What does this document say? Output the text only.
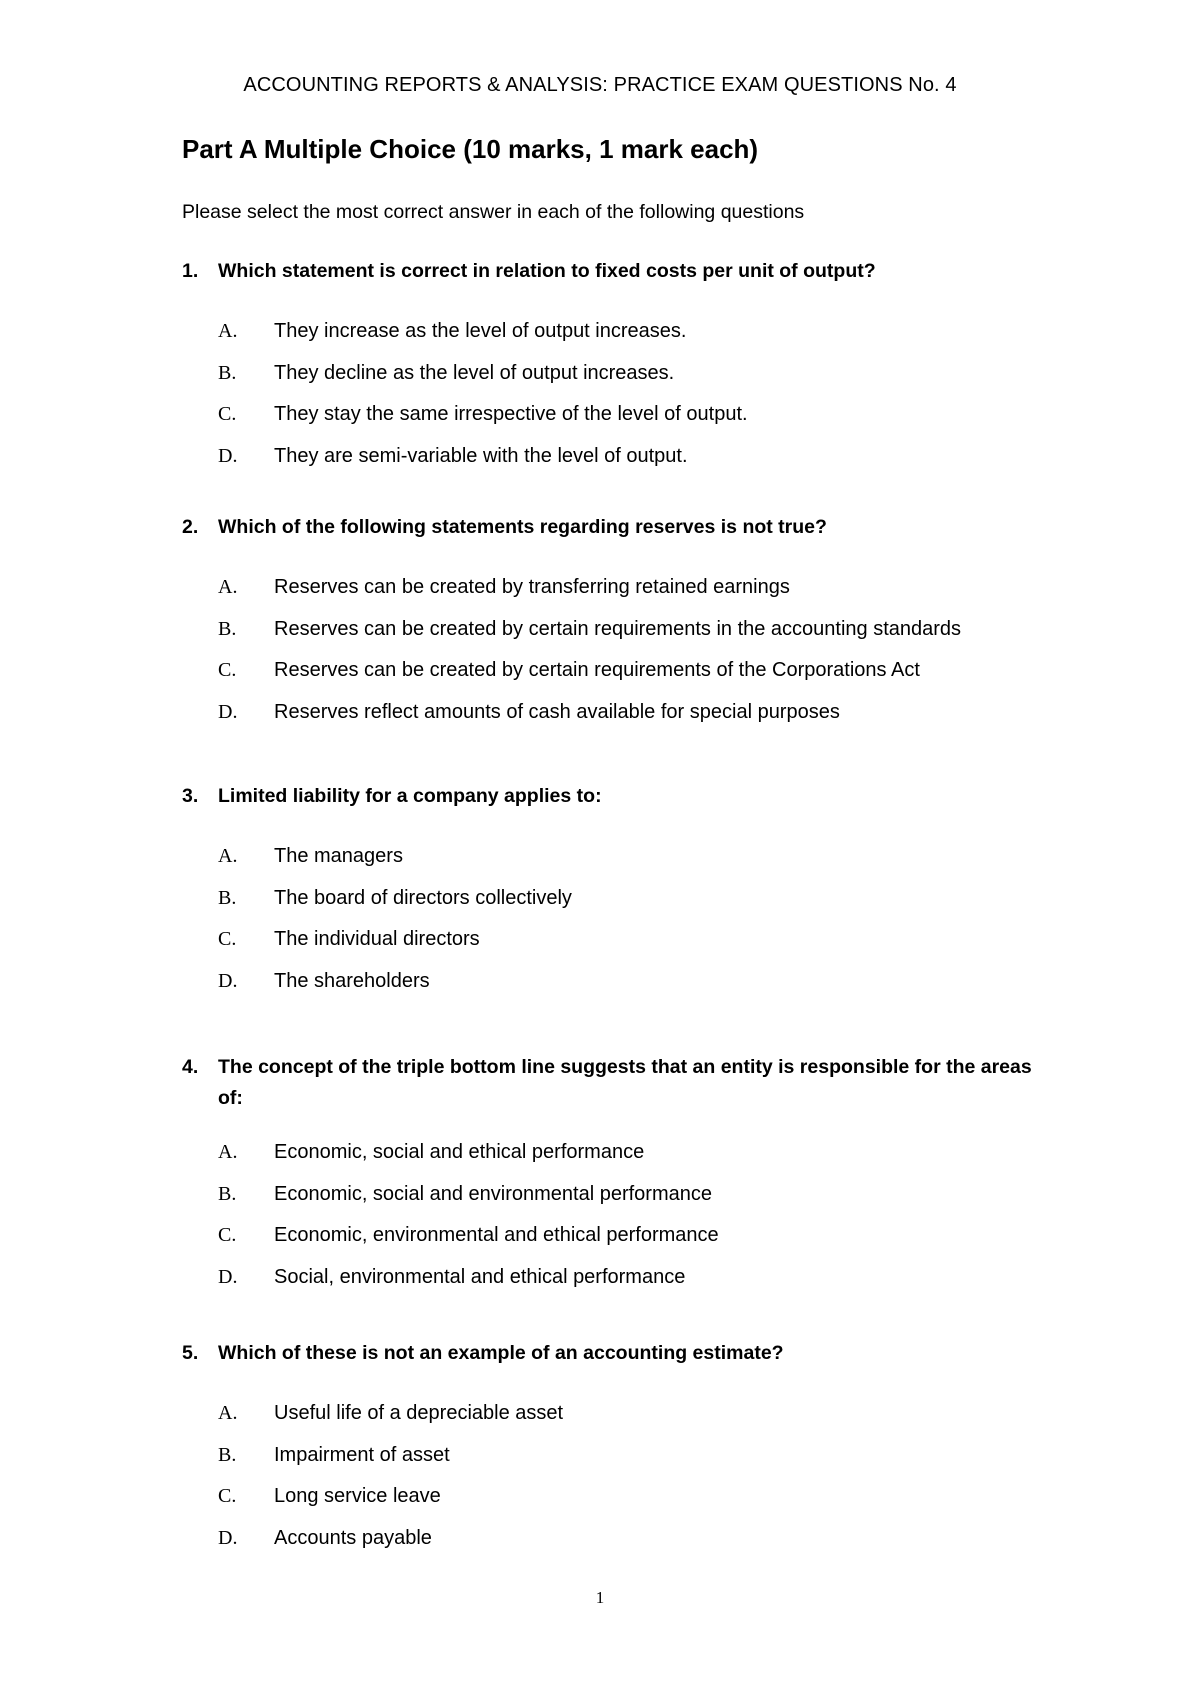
ACCOUNTING REPORTS & ANALYSIS: PRACTICE EXAM QUESTIONS No. 4
Part A Multiple Choice (10 marks, 1 mark each)
Please select the most correct answer in each of the following questions
1.	Which statement is correct in relation to fixed costs per unit of output?
A.	They increase as the level of output increases.
B.	They decline as the level of output increases.
C.	They stay the same irrespective of the level of output.
D.	They are semi-variable with the level of output.
2.	Which of the following statements regarding reserves is not true?
A.	Reserves can be created by transferring retained earnings
B.	Reserves can be created by certain requirements in the accounting standards
C.	Reserves can be created by certain requirements of the Corporations Act
D.	Reserves reflect amounts of cash available for special purposes
3.	Limited liability for a company applies to:
A.	The managers
B.	The board of directors collectively
C.	The individual directors
D.	The shareholders
4.	The concept of the triple bottom line suggests that an entity is responsible for the areas of:
A.	Economic, social and ethical performance
B.	Economic, social and environmental performance
C.	Economic, environmental and ethical performance
D.	Social, environmental and ethical performance
5.	Which of these is not an example of an accounting estimate?
A.	Useful life of a depreciable asset
B.	Impairment of asset
C.	Long service leave
D.	Accounts payable
1
